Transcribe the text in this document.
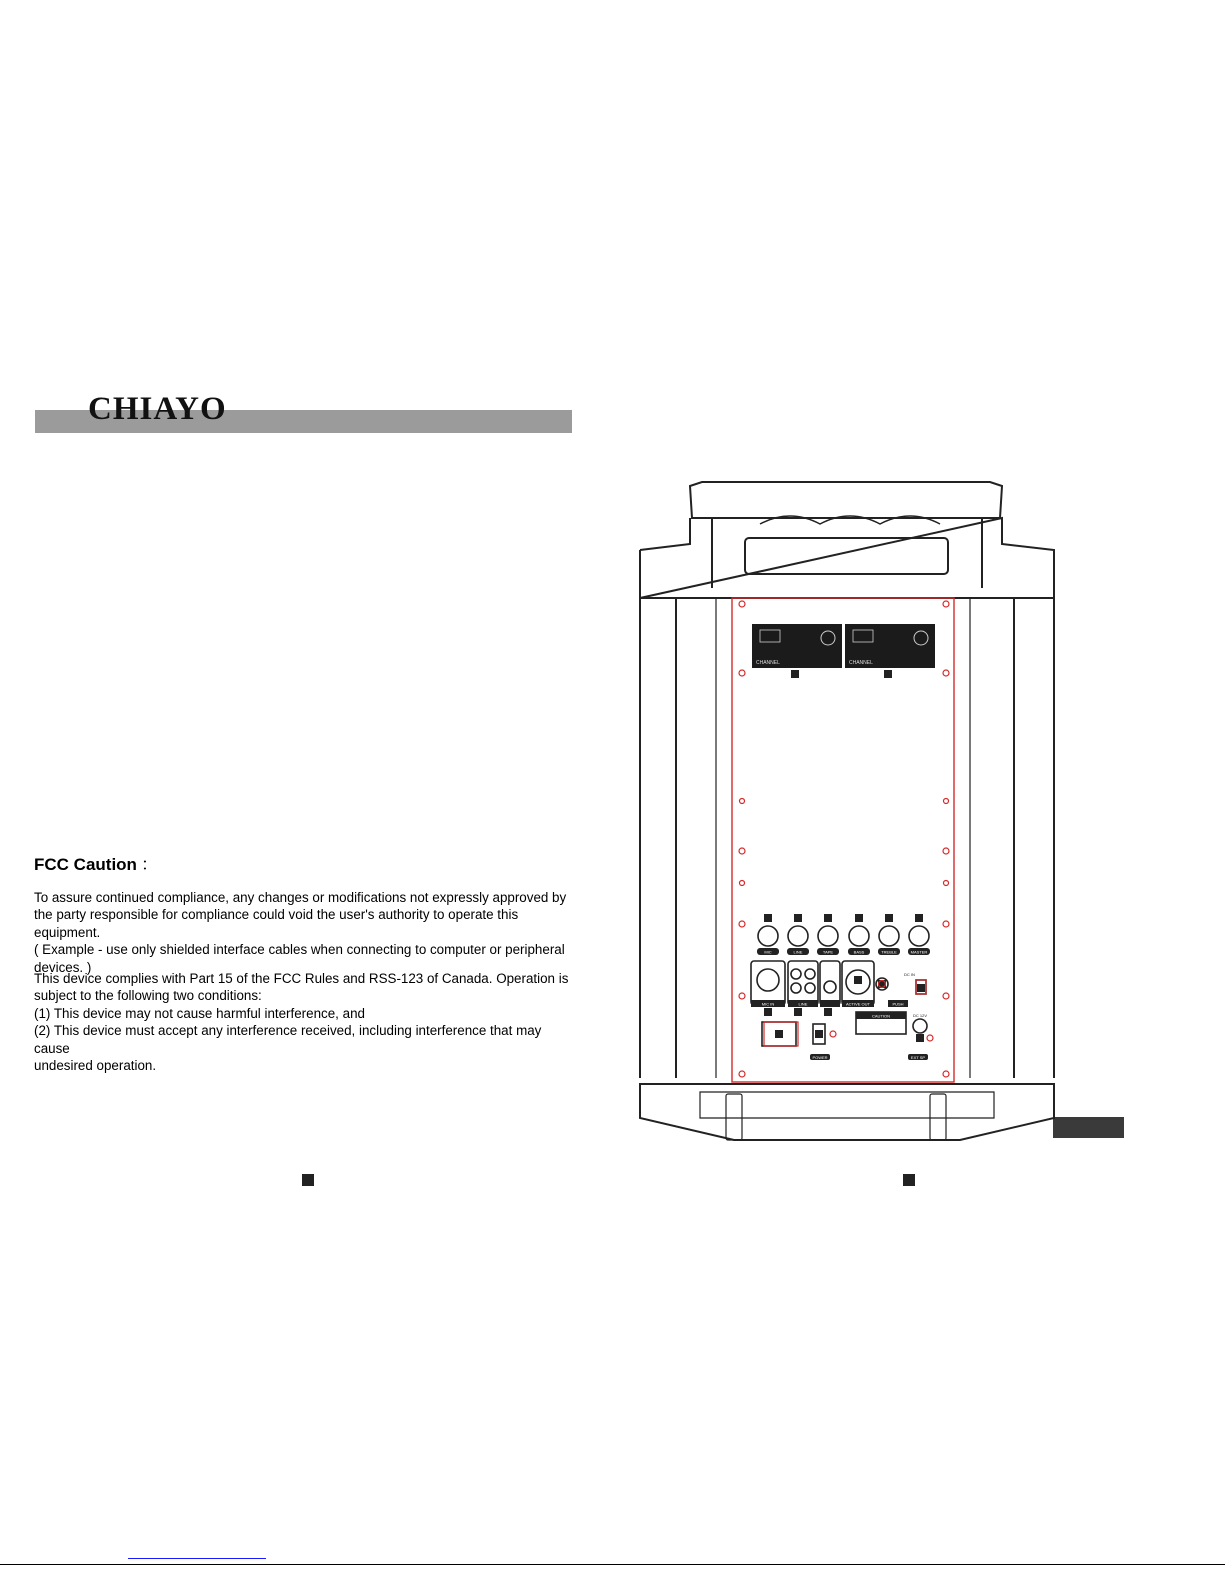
CHIAYO
FCC Caution ：
To assure continued compliance, any changes or modifications not expressly approved by
the party responsible for compliance could void the user's authority to operate this equipment.
( Example - use only shielded interface cables when connecting to computer or peripheral
devices. )
This device complies with Part 15 of the FCC Rules and RSS-123 of Canada. Operation is
subject to the following two conditions:
(1) This device may not cause harmful interference, and
(2) This device must accept any interference received, including interference that may cause
undesired operation.
CHANNEL	CHANNEL
MIC	LINE	TAPE	BASS	TREBLE	MASTER
MIC IN	LINE	ACTIVE OUT	PUSH
CAUTION
POWER	EXT SP
DC IN
DC 12V
